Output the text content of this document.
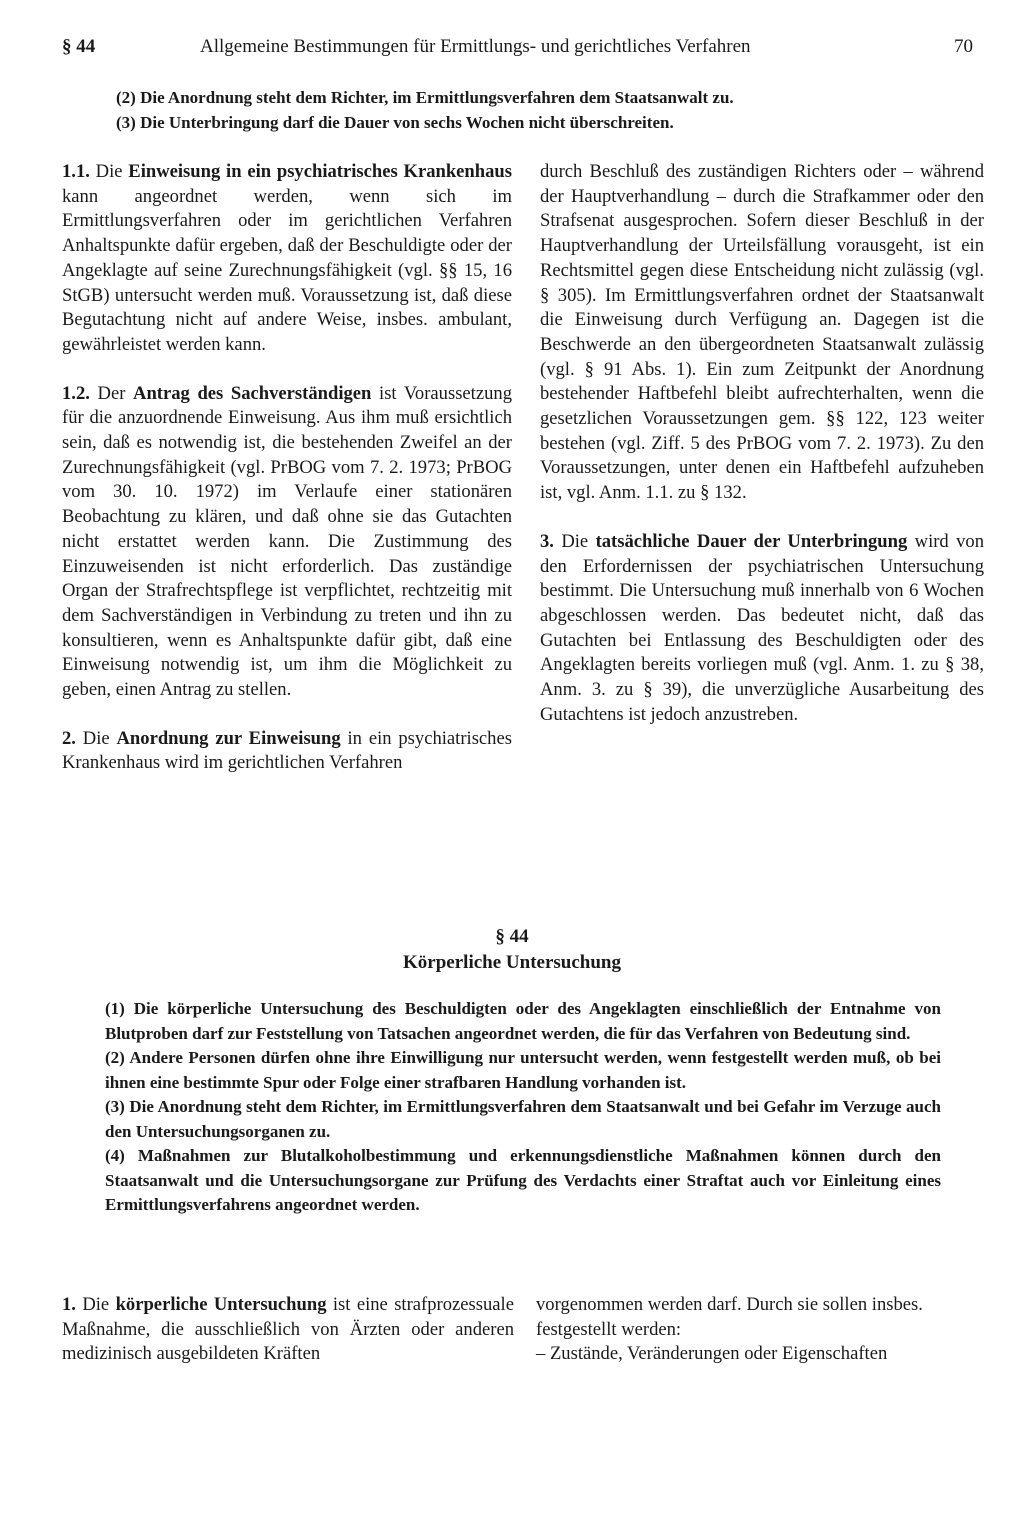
§ 44	Allgemeine Bestimmungen für Ermittlungs- und gerichtliches Verfahren	70

(2) Die Anordnung steht dem Richter, im Ermittlungsverfahren dem Staatsanwalt zu.

(3) Die Unterbringung darf die Dauer von sechs Wochen nicht überschreiten.

1.1. Die Einweisung in ein psychiatrisches Krankenhaus kann angeordnet werden, wenn sich im Ermittlungsverfahren oder im gerichtlichen Verfahren Anhaltspunkte dafür ergeben, daß der Beschuldigte oder der Angeklagte auf seine Zurechnungsfähigkeit (vgl. §§ 15, 16 StGB) untersucht werden muß. Voraussetzung ist, daß diese Begutachtung nicht auf andere Weise, insbes. ambulant, gewährleistet werden kann.

1.2. Der Antrag des Sachverständigen ist Voraussetzung für die anzuordnende Einweisung. Aus ihm muß ersichtlich sein, daß es notwendig ist, die bestehenden Zweifel an der Zurechnungsfähigkeit (vgl. PrBOG vom 7. 2. 1973; PrBOG vom 30. 10. 1972) im Verlaufe einer stationären Beobachtung zu klären, und daß ohne sie das Gutachten nicht erstattet werden kann. Die Zustimmung des Einzuweisenden ist nicht erforderlich. Das zuständige Organ der Strafrechtspflege ist verpflichtet, rechtzeitig mit dem Sachverständigen in Verbindung zu treten und ihn zu konsultieren, wenn es Anhaltspunkte dafür gibt, daß eine Einweisung notwendig ist, um ihm die Möglichkeit zu geben, einen Antrag zu stellen.

2. Die Anordnung zur Einweisung in ein psychiatrisches Krankenhaus wird im gerichtlichen Verfahren

durch Beschluß des zuständigen Richters oder – während der Hauptverhandlung – durch die Strafkammer oder den Strafsenat ausgesprochen. Sofern dieser Beschluß in der Hauptverhandlung der Urteilsfällung vorausgeht, ist ein Rechtsmittel gegen diese Entscheidung nicht zulässig (vgl. § 305). Im Ermittlungsverfahren ordnet der Staatsanwalt die Einweisung durch Verfügung an. Dagegen ist die Beschwerde an den übergeordneten Staatsanwalt zulässig (vgl. § 91 Abs. 1). Ein zum Zeitpunkt der Anordnung bestehender Haftbefehl bleibt aufrechterhalten, wenn die gesetzlichen Voraussetzungen gem. §§ 122, 123 weiter bestehen (vgl. Ziff. 5 des PrBOG vom 7. 2. 1973). Zu den Voraussetzungen, unter denen ein Haftbefehl aufzuheben ist, vgl. Anm. 1.1. zu § 132.

3. Die tatsächliche Dauer der Unterbringung wird von den Erfordernissen der psychiatrischen Untersuchung bestimmt. Die Untersuchung muß innerhalb von 6 Wochen abgeschlossen werden. Das bedeutet nicht, daß das Gutachten bei Entlassung des Beschuldigten oder des Angeklagten bereits vorliegen muß (vgl. Anm. 1. zu § 38, Anm. 3. zu § 39), die unverzügliche Ausarbeitung des Gutachtens ist jedoch anzustreben.

§ 44
Körperliche Untersuchung

(1) Die körperliche Untersuchung des Beschuldigten oder des Angeklagten einschließlich der Entnahme von Blutproben darf zur Feststellung von Tatsachen angeordnet werden, die für das Verfahren von Bedeutung sind.

(2) Andere Personen dürfen ohne ihre Einwilligung nur untersucht werden, wenn festgestellt werden muß, ob bei ihnen eine bestimmte Spur oder Folge einer strafbaren Handlung vorhanden ist.

(3) Die Anordnung steht dem Richter, im Ermittlungsverfahren dem Staatsanwalt und bei Gefahr im Verzuge auch den Untersuchungsorganen zu.

(4) Maßnahmen zur Blutalkoholbestimmung und erkennungsdienstliche Maßnahmen können durch den Staatsanwalt und die Untersuchungsorgane zur Prüfung des Verdachts einer Straftat auch vor Einleitung eines Ermittlungsverfahrens angeordnet werden.

1. Die körperliche Untersuchung ist eine strafprozessuale Maßnahme, die ausschließlich von Ärzten oder anderen medizinisch ausgebildeten Kräften

vorgenommen werden darf. Durch sie sollen insbes. festgestellt werden:

– Zustände, Veränderungen oder Eigenschaften
